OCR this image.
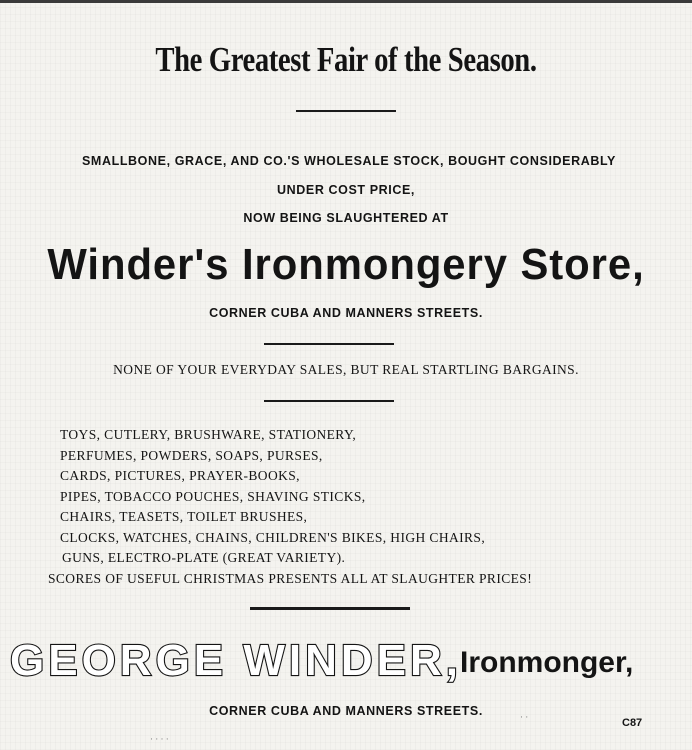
The Greatest Fair of the Season.
SMALLBONE, GRACE, AND CO.'S WHOLESALE STOCK, BOUGHT CONSIDERABLY
UNDER COST PRICE,
NOW BEING SLAUGHTERED AT
Winder's Ironmongery Store,
CORNER CUBA AND MANNERS STREETS.
NONE OF YOUR EVERYDAY SALES, BUT REAL STARTLING BARGAINS.
TOYS, CUTLERY, BRUSHWARE, STATIONERY,
PERFUMES, POWDERS, SOAPS, PURSES,
CARDS, PICTURES, PRAYER-BOOKS,
PIPES, TOBACCO POUCHES, SHAVING STICKS,
CHAIRS, TEASETS, TOILET BRUSHES,
CLOCKS, WATCHES, CHAINS, CHILDREN'S BIKES, HIGH CHAIRS,
GUNS, ELECTRO-PLATE (GREAT VARIETY).
SCORES OF USEFUL CHRISTMAS PRESENTS ALL AT SLAUGHTER PRICES!
GEORGE WINDER,
Ironmonger,
CORNER CUBA AND MANNERS STREETS.
C87
· · · ·
· ·
